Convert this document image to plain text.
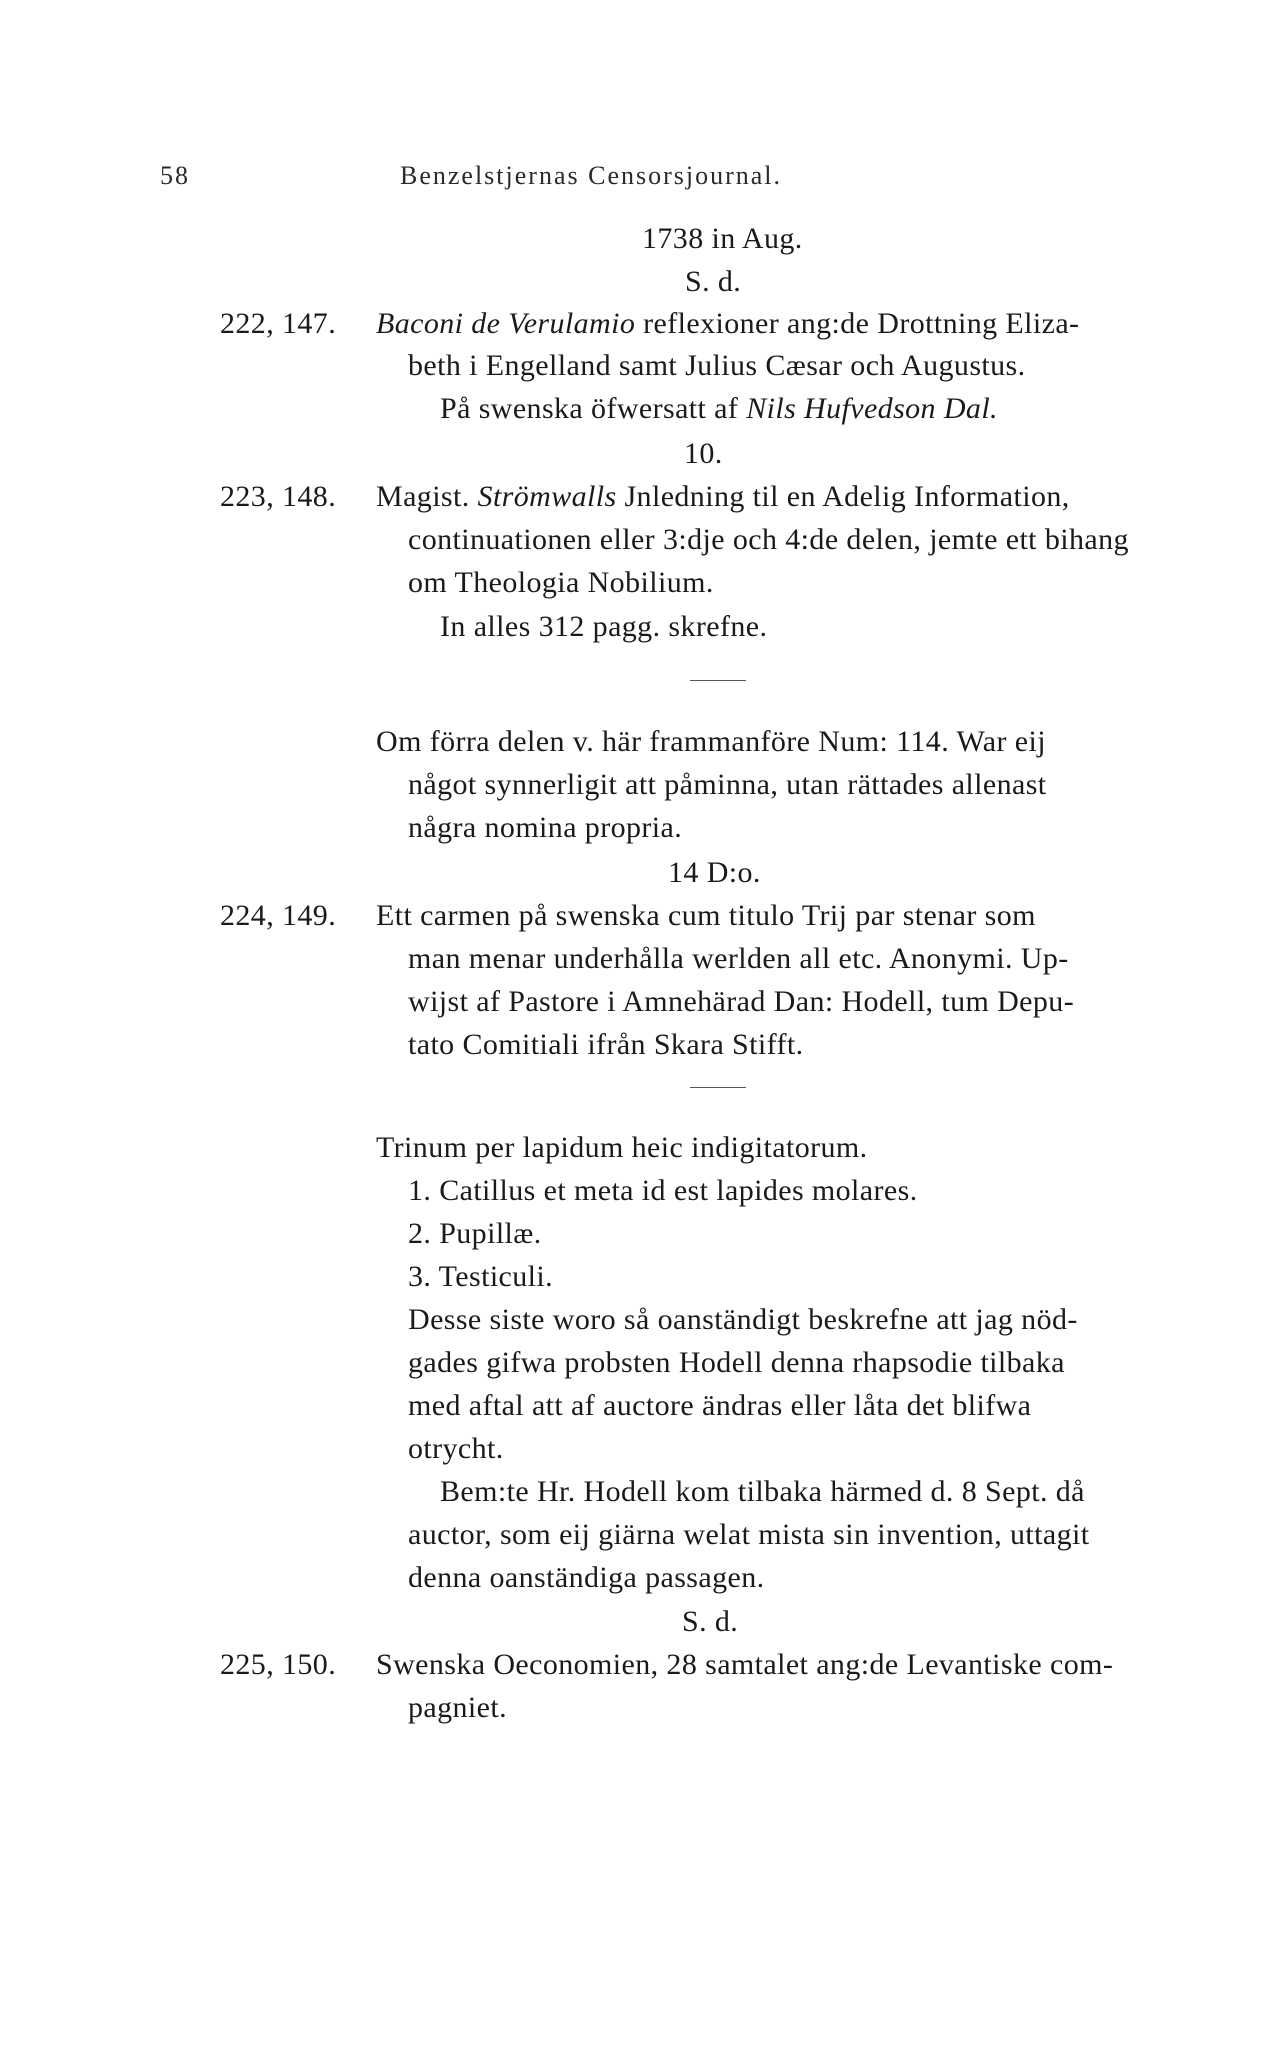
58	Benzelstjernas Censorsjournal.
1738 in Aug.
S. d.
222, 147. Baconi de Verulamio reflexioner ang:de Drottning Eliza-
beth i Engelland samt Julius Cæsar och Augustus.
På swenska öfwersatt af Nils Hufvedson Dal.
10.
223, 148. Magist. Strömwalls Jnledning til en Adelig Information,
continuationen eller 3:dje och 4:de delen, jemte ett bihang
om Theologia Nobilium.
In alles 312 pagg. skrefne.
Om förra delen v. här frammanföre Num: 114. War eij
något synnerligit att påminna, utan rättades allenast
några nomina propria.
14 D:o.
224, 149. Ett carmen på swenska cum titulo Trij par stenar som
man menar underhålla werlden all etc. Anonymi. Up-
wijst af Pastore i Amnehärad Dan: Hodell, tum Depu-
tato Comitiali ifrån Skara Stifft.
Trinum per lapidum heic indigitatorum.
1. Catillus et meta id est lapides molares.
2. Pupillæ.
3. Testiculi.
Desse siste woro så oanständigt beskrefne att jag nöd-
gades gifwa probsten Hodell denna rhapsodie tilbaka
med aftal att af auctore ändras eller låta det blifwa
otrycht.
Bem:te Hr. Hodell kom tilbaka härmed d. 8 Sept. då
auctor, som eij giärna welat mista sin invention, uttagit
denna oanständiga passagen.
S. d.
225, 150. Swenska Oeconomien, 28 samtalet ang:de Levantiske com-
pagniet.
